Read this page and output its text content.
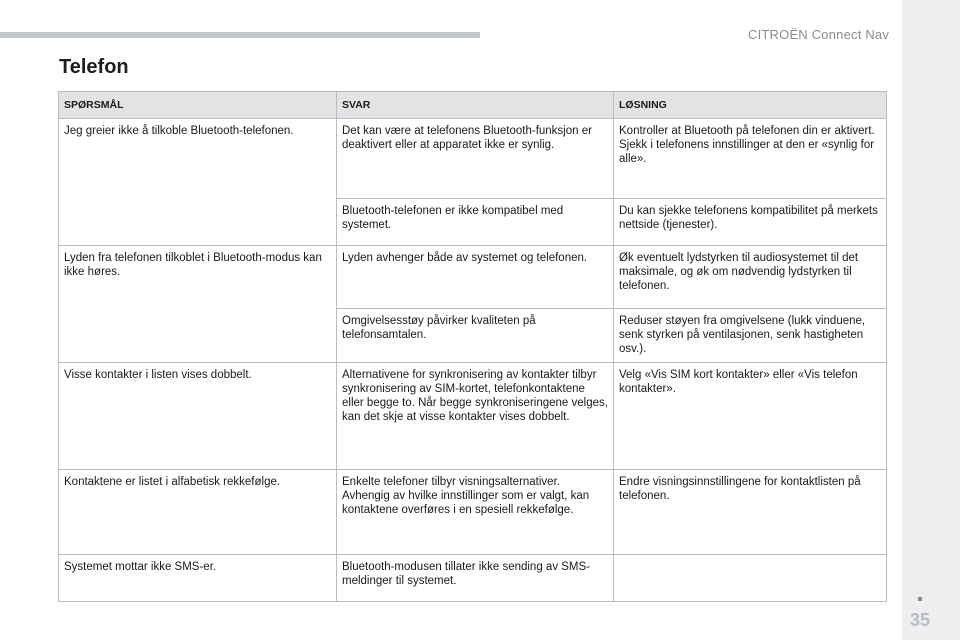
CITROËN Connect Nav
35
Telefon
SPØRSMÅL	SVAR	LØSNING
Jeg greier ikke å tilkoble Bluetooth-telefonen.	Det kan være at telefonens Bluetooth-funksjon er deaktivert eller at apparatet ikke er synlig.	Kontroller at Bluetooth på telefonen din er aktivert.
Sjekk i telefonens innstillinger at den er «synlig for alle».
	Bluetooth-telefonen er ikke kompatibel med systemet.	Du kan sjekke telefonens kompatibilitet på merkets nettside (tjenester).
Lyden fra telefonen tilkoblet i Bluetooth-modus kan ikke høres.	Lyden avhenger både av systemet og telefonen.	Øk eventuelt lydstyrken til audiosystemet til det maksimale, og øk om nødvendig lydstyrken til telefonen.
	Omgivelsesstøy påvirker kvaliteten på telefonsamtalen.	Reduser støyen fra omgivelsene (lukk vinduene, senk styrken på ventilasjonen, senk hastigheten osv.).
Visse kontakter i listen vises dobbelt.	Alternativene for synkronisering av kontakter tilbyr synkronisering av SIM-kortet, telefonkontaktene eller begge to. Når begge synkroniseringene velges, kan det skje at visse kontakter vises dobbelt.	Velg «Vis SIM kort kontakter» eller «Vis telefon kontakter».
Kontaktene er listet i alfabetisk rekkefølge.	Enkelte telefoner tilbyr visningsalternativer. Avhengig av hvilke innstillinger som er valgt, kan kontaktene overføres i en spesiell rekkefølge.	Endre visningsinnstillingene for kontaktlisten på telefonen.
Systemet mottar ikke SMS-er.	Bluetooth-modusen tillater ikke sending av SMS-meldinger til systemet.	
